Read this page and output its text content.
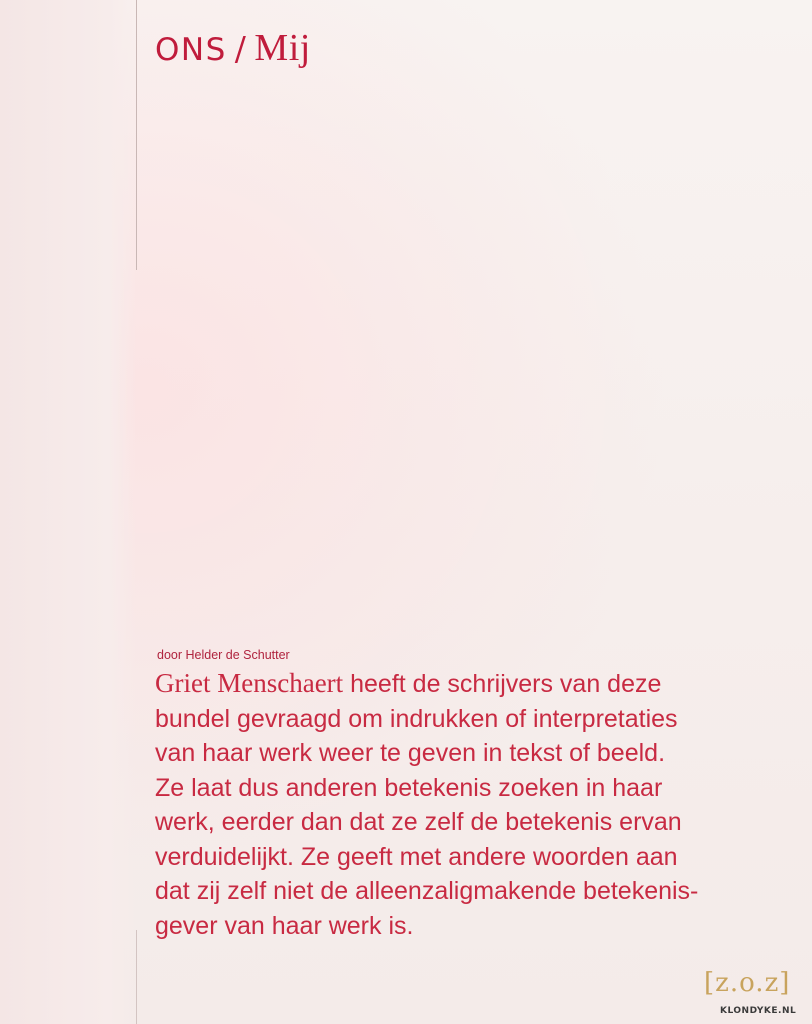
ONS / Mij
door Helder de Schutter

Griet Menschaert heeft de schrijvers van deze
bundel gevraagd om indrukken of interpretaties
van haar werk weer te geven in tekst of beeld.
Ze laat dus anderen betekenis zoeken in haar
werk, eerder dan dat ze zelf de betekenis ervan
verduidelijkt. Ze geeft met andere woorden aan
dat zij zelf niet de alleenzaligmakende betekenis-
gever van haar werk is.

[z.o.z]
KLONDYKE.NL
